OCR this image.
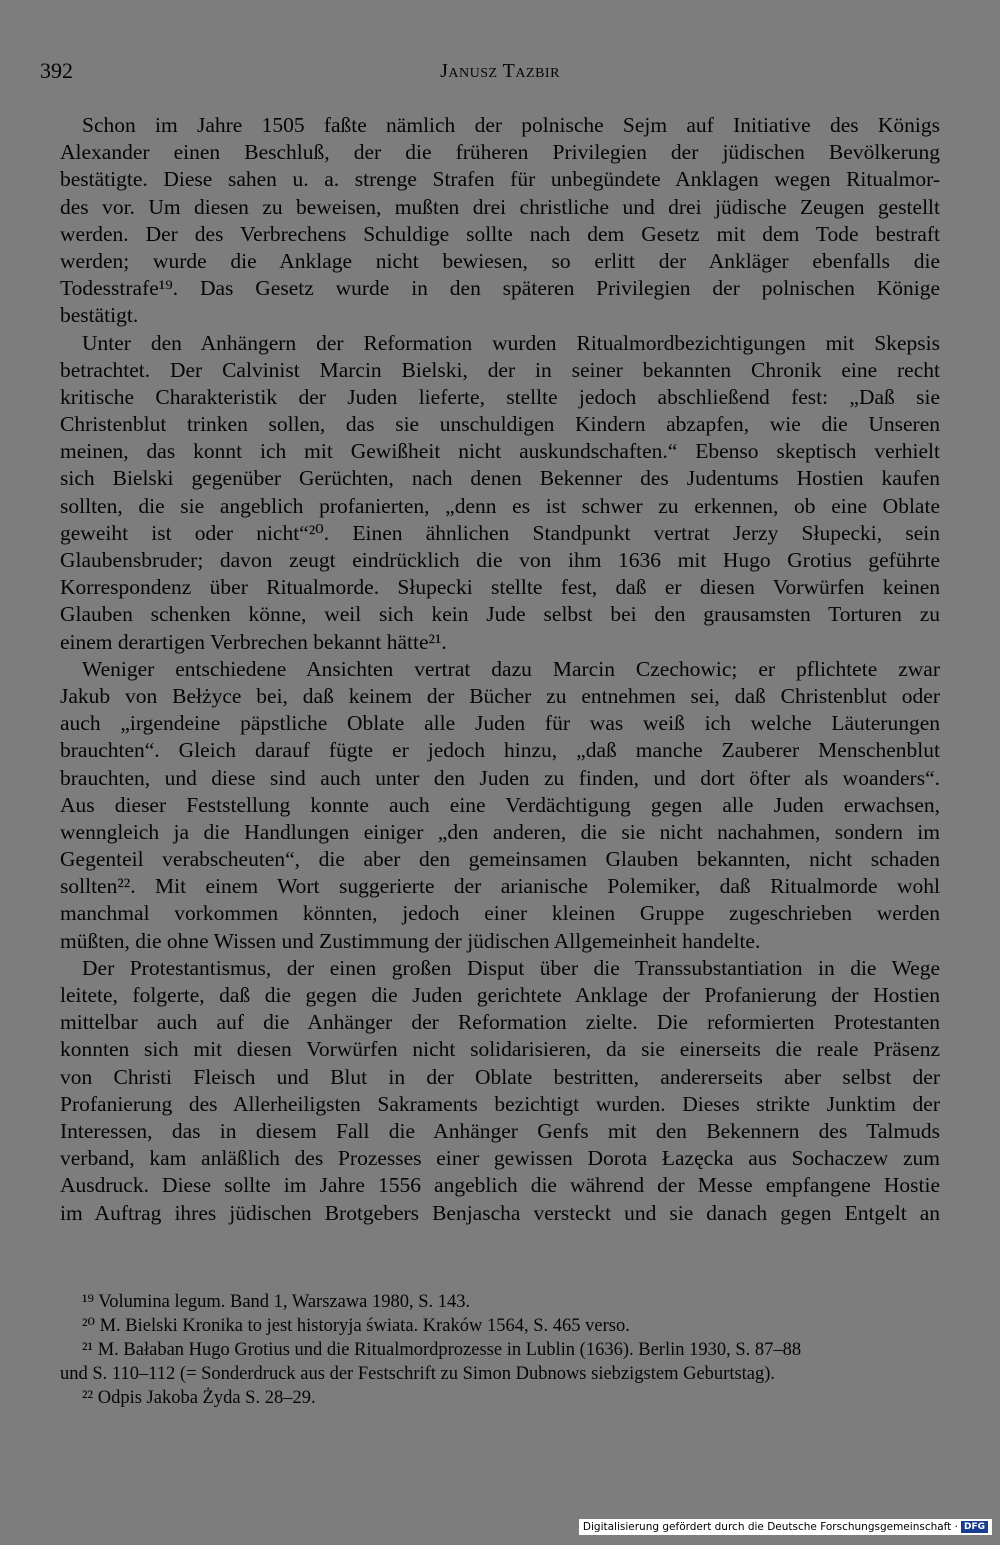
392	Janusz Tazbir
Schon im Jahre 1505 faßte nämlich der polnische Sejm auf Initiative des Königs
Alexander einen Beschluß, der die früheren Privilegien der jüdischen Bevölkerung
bestätigte. Diese sahen u. a. strenge Strafen für unbegündete Anklagen wegen Ritualmor-
des vor. Um diesen zu beweisen, mußten drei christliche und drei jüdische Zeugen gestellt
werden. Der des Verbrechens Schuldige sollte nach dem Gesetz mit dem Tode bestraft
werden; wurde die Anklage nicht bewiesen, so erlitt der Ankläger ebenfalls die
Todesstrafe¹⁹. Das Gesetz wurde in den späteren Privilegien der polnischen Könige
bestätigt.
Unter den Anhängern der Reformation wurden Ritualmordbezichtigungen mit Skepsis
betrachtet. Der Calvinist Marcin Bielski, der in seiner bekannten Chronik eine recht
kritische Charakteristik der Juden lieferte, stellte jedoch abschließend fest: „Daß sie
Christenblut trinken sollen, das sie unschuldigen Kindern abzapfen, wie die Unseren
meinen, das konnt ich mit Gewißheit nicht auskundschaften.“ Ebenso skeptisch verhielt
sich Bielski gegenüber Gerüchten, nach denen Bekenner des Judentums Hostien kaufen
sollten, die sie angeblich profanierten, „denn es ist schwer zu erkennen, ob eine Oblate
geweiht ist oder nicht“²⁰. Einen ähnlichen Standpunkt vertrat Jerzy Słupecki, sein
Glaubensbruder; davon zeugt eindrücklich die von ihm 1636 mit Hugo Grotius geführte
Korrespondenz über Ritualmorde. Słupecki stellte fest, daß er diesen Vorwürfen keinen
Glauben schenken könne, weil sich kein Jude selbst bei den grausamsten Torturen zu
einem derartigen Verbrechen bekannt hätte²¹.
Weniger entschiedene Ansichten vertrat dazu Marcin Czechowic; er pflichtete zwar
Jakub von Bełżyce bei, daß keinem der Bücher zu entnehmen sei, daß Christenblut oder
auch „irgendeine päpstliche Oblate alle Juden für was weiß ich welche Läuterungen
brauchten“. Gleich darauf fügte er jedoch hinzu, „daß manche Zauberer Menschenblut
brauchten, und diese sind auch unter den Juden zu finden, und dort öfter als woanders“.
Aus dieser Feststellung konnte auch eine Verdächtigung gegen alle Juden erwachsen,
wenngleich ja die Handlungen einiger „den anderen, die sie nicht nachahmen, sondern im
Gegenteil verabscheuten“, die aber den gemeinsamen Glauben bekannten, nicht schaden
sollten²². Mit einem Wort suggerierte der arianische Polemiker, daß Ritualmorde wohl
manchmal vorkommen könnten, jedoch einer kleinen Gruppe zugeschrieben werden
müßten, die ohne Wissen und Zustimmung der jüdischen Allgemeinheit handelte.
Der Protestantismus, der einen großen Disput über die Transsubstantiation in die Wege
leitete, folgerte, daß die gegen die Juden gerichtete Anklage der Profanierung der Hostien
mittelbar auch auf die Anhänger der Reformation zielte. Die reformierten Protestanten
konnten sich mit diesen Vorwürfen nicht solidarisieren, da sie einerseits die reale Präsenz
von Christi Fleisch und Blut in der Oblate bestritten, andererseits aber selbst der
Profanierung des Allerheiligsten Sakraments bezichtigt wurden. Dieses strikte Junktim der
Interessen, das in diesem Fall die Anhänger Genfs mit den Bekennern des Talmuds
verband, kam anläßlich des Prozesses einer gewissen Dorota Łazęcka aus Sochaczew zum
Ausdruck. Diese sollte im Jahre 1556 angeblich die während der Messe empfangene Hostie
im Auftrag ihres jüdischen Brotgebers Benjascha versteckt und sie danach gegen Entgelt an
¹⁹ Volumina legum. Band 1, Warszawa 1980, S. 143.
²⁰ M. Bielski Kronika to jest historyja świata. Kraków 1564, S. 465 verso.
²¹ M. Bałaban Hugo Grotius und die Ritualmordprozesse in Lublin (1636). Berlin 1930, S. 87–88
und S. 110–112 (= Sonderdruck aus der Festschrift zu Simon Dubnows siebzigstem Geburtstag).
²² Odpis Jakoba Żyda S. 28–29.
Digitalisierung gefördert durch die Deutsche Forschungsgemeinschaft · DFG
